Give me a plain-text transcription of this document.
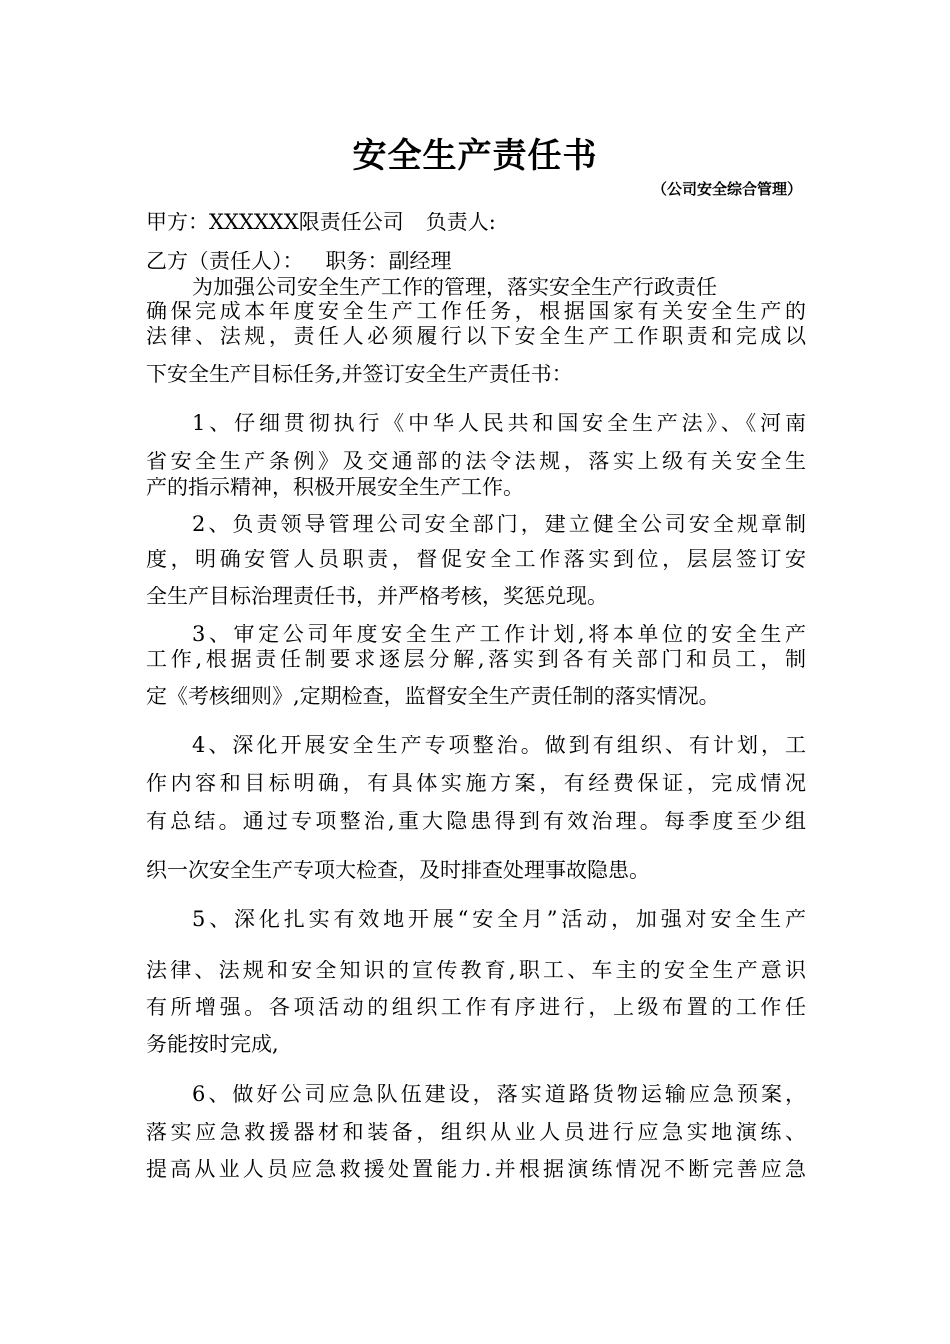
安全生产责任书
（公司安全综合管理）
甲方：XXXXXX限责任公司 负责人:
乙方（责任人）： 职务：副经理
为加强公司安全生产工作的管理，落实安全生产行政责任
确保完成本年度安全生产工作任务，根据国家有关安全生产的
法律、法规，责任人必须履行以下安全生产工作职责和完成以
下安全生产目标任务,并签订安全生产责任书：
1、仔细贯彻执行《中华人民共和国安全生产法》、《河南
省安全生产条例》及交通部的法令法规，落实上级有关安全生
产的指示精神，积极开展安全生产工作。
2、负责领导管理公司安全部门，建立健全公司安全规章制
度，明确安管人员职责，督促安全工作落实到位，层层签订安
全生产目标治理责任书，并严格考核，奖惩兑现。
3、审定公司年度安全生产工作计划,将本单位的安全生产
工作,根据责任制要求逐层分解,落实到各有关部门和员工，制
定《考核细则》,定期检查，监督安全生产责任制的落实情况。
4、深化开展安全生产专项整治。做到有组织、有计划，工
作内容和目标明确，有具体实施方案，有经费保证，完成情况
有总结。通过专项整治,重大隐患得到有效治理。每季度至少组
织一次安全生产专项大检查，及时排查处理事故隐患。
5、深化扎实有效地开展“安全月”活动，加强对安全生产
法律、法规和安全知识的宣传教育,职工、车主的安全生产意识
有所增强。各项活动的组织工作有序进行，上级布置的工作任
务能按时完成,
6、做好公司应急队伍建设，落实道路货物运输应急预案，
落实应急救援器材和装备，组织从业人员进行应急实地演练、
提高从业人员应急救援处置能力.并根据演练情况不断完善应急
